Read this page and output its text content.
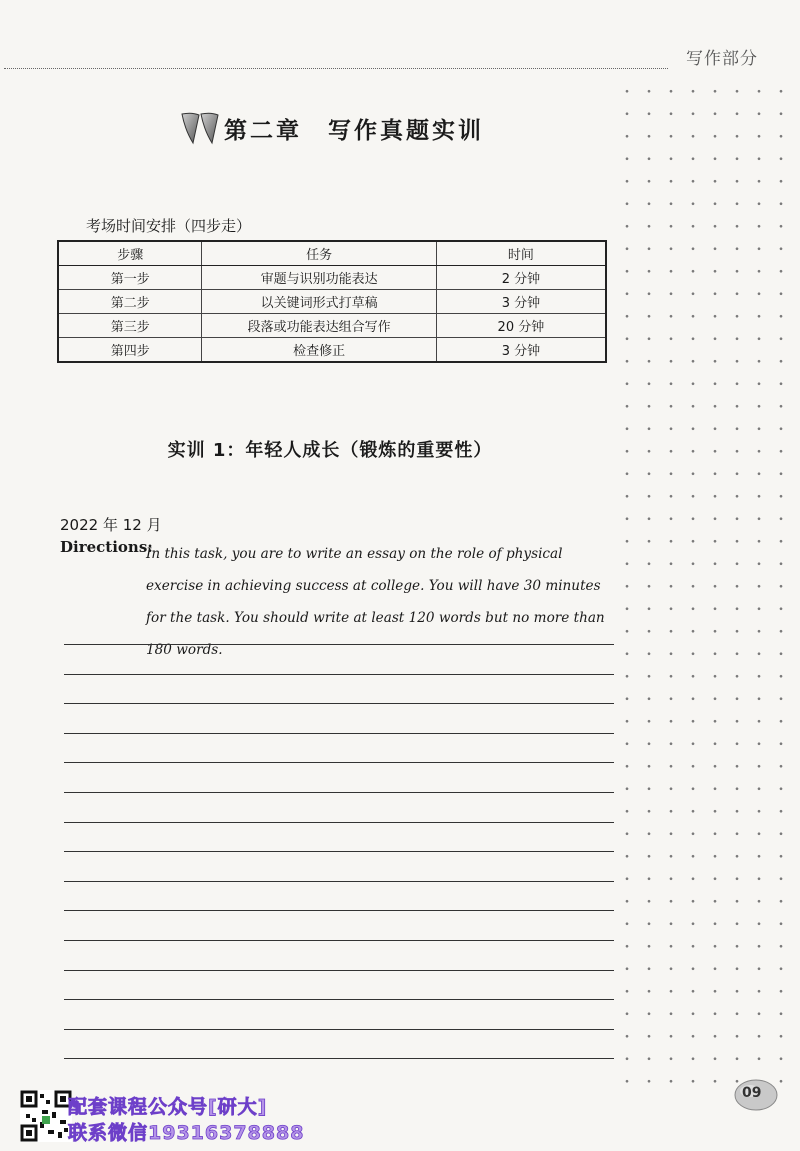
写作部分
第二章　写作真题实训
考场时间安排（四步走）
步骤	任务	时间
第一步	审题与识别功能表达	2 分钟
第二步	以关键词形式打草稿	3 分钟
第三步	段落或功能表达组合写作	20 分钟
第四步	检查修正	3 分钟
实训 1：年轻人成长（锻炼的重要性）
2022 年 12 月
Directions:
In this task, you are to write an essay on the role of physical exercise in achieving success at college. You will have 30 minutes for the task. You should write at least 120 words but no more than 180 words.
09
配套课程公众号[研大]
联系微信19316378888
